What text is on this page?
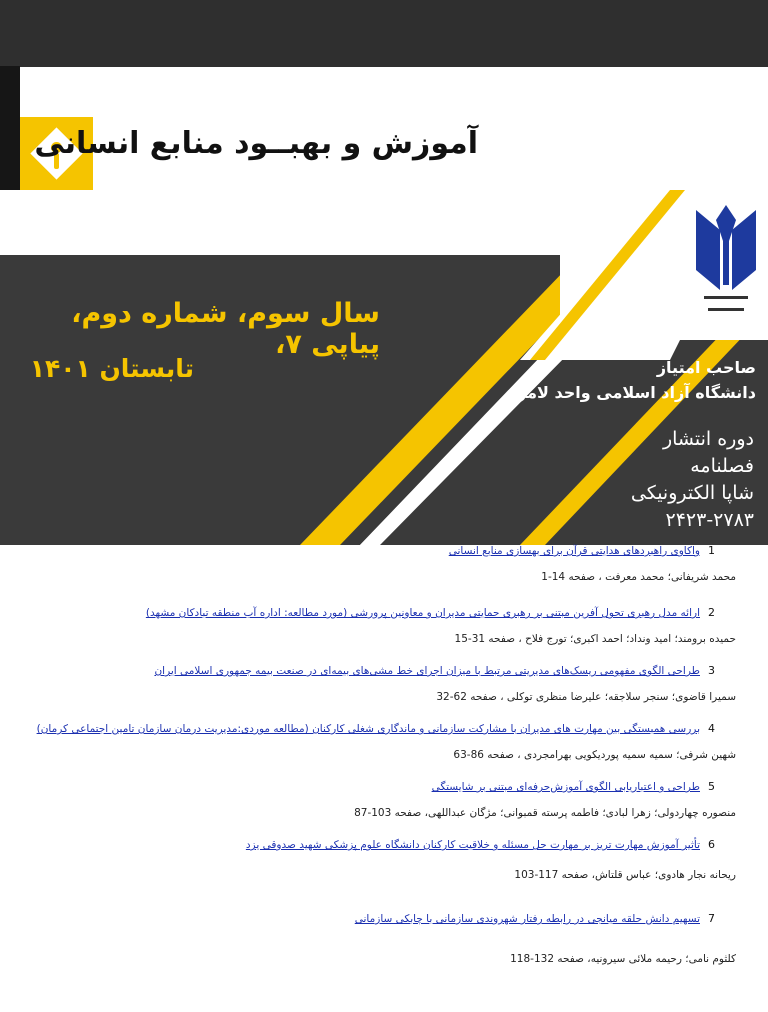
آموزش و بهبــود منابع انسانی

سال سوم، شماره دوم، پیاپی ۷،

تابستان ۱۴۰۱	صاحب امتیاز

دانشگاه آزاد اسلامی واحد لامرد

دوره انتشار

فصلنامه

شاپا الکترونیکی

۲۴۲۳-۲۷۸۳

1
واکاوی راهبردهای هدایتی قرآن برای بهسازی منابع انسانی
محمد شریفانی؛ محمد معرفت ، صفحه 14-1
2
ارائه مدل رهبری تحول آفرین مبتنی بر رهبری حمایتی مدیران و معاونین پرورشی (مورد مطالعه: اداره آب منطقه تبادکان مشهد)
حمیده برومند؛ امید ونداد؛ احمد اکبری؛ تورج فلاح ، صفحه 31-15
3
طراحی الگوی مفهومی ریسک‌های مدیریتی مرتبط با میزان اجرای خط مشی‌های بیمه‌ای در صنعت بیمه جمهوری اسلامی ایران
سمیرا قاضوی؛ سنجر سلاجقه؛ علیرضا منظری توکلی ، صفحه 62-32
4
بررسی همبستگی بین مهارت های مدیران با مشارکت سازمانی و ماندگاری شغلی کارکنان (مطالعه موردی:مدیریت درمان سازمان تامین اجتماعی کرمان)
شهین شرفی؛ سمیه سمیه پوردیکویی بهرامجردی ، صفحه 86-63
5
طراحی و اعتباریابی الگوی آموزش‌حرفه‌ای مبتنی بر شایستگی
منصوره چهاردولی؛ زهرا لبادی؛ فاطمه پرسته قمبوانی؛ مژگان عبداللهی، صفحه 103-87
6
تأثیر آموزش مهارت تریز بر مهارت حل مسئله و خلاقیت کارکنان دانشگاه علوم پزشکی شهید صدوقی یزد
ریحانه نجار هادوی؛ عباس قلتاش، صفحه 117-103
7
تسهیم دانش حلقه میانجی در رابطه رفتار شهروندی سازمانی با چابکی سازمانی
کلثوم نامی؛ رحیمه ملائی سیرونیه، صفحه 132-118
